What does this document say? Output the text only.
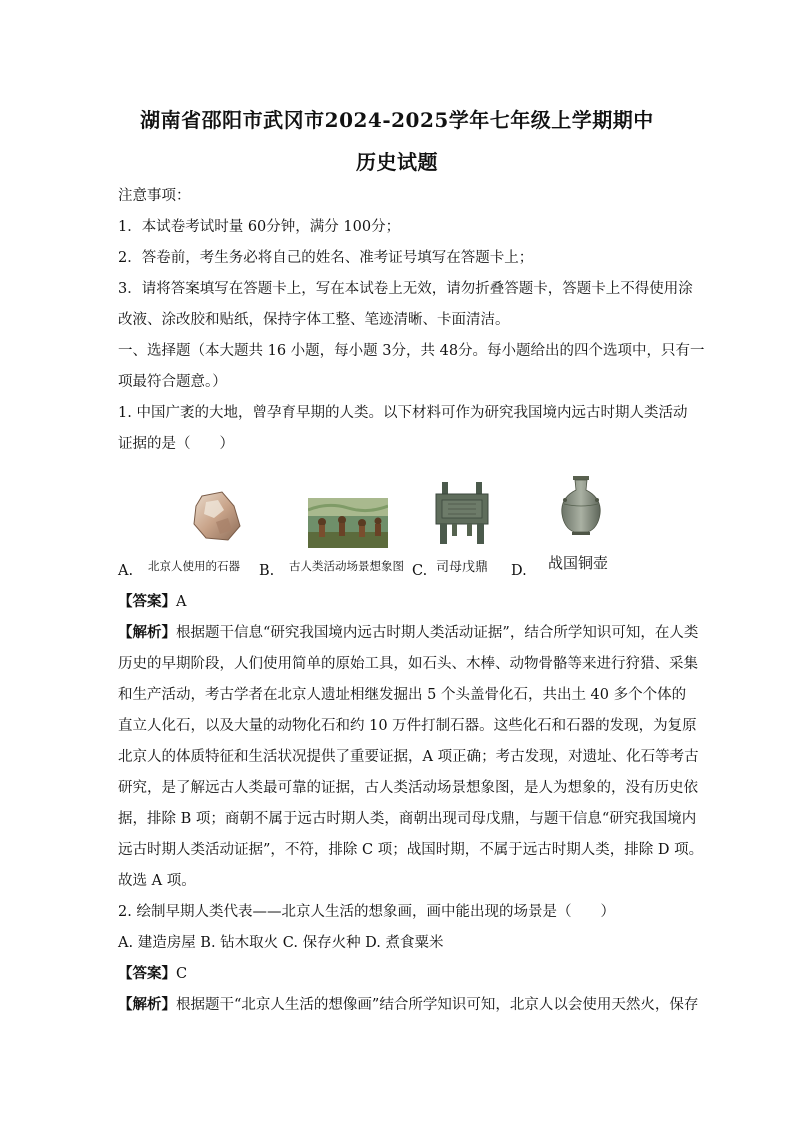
湖南省邵阳市武冈市2024-2025学年七年级上学期期中
历史试题
注意事项：
1．本试卷考试时量 60分钟，满分 100分；
2．答卷前，考生务必将自己的姓名、准考证号填写在答题卡上；
3．请将答案填写在答题卡上，写在本试卷上无效，请勿折叠答题卡，答题卡上不得使用涂
改液、涂改胶和贴纸，保持字体工整、笔迹清晰、卡面清洁。
一、选择题（本大题共 16 小题，每小题 3分，共 48分。每小题给出的四个选项中，只有一
项最符合题意。）
1. 中国广袤的大地，曾孕育早期的人类。以下材料可作为研究我国境内远古时期人类活动
证据的是（　　）
A. 北京人使用的石器 B. 古人类活动场景想象图 C. 司母戊鼎 D. 战国铜壶
【答案】A
【解析】根据题干信息“研究我国境内远古时期人类活动证据”，结合所学知识可知，在人类
历史的早期阶段，人们使用简单的原始工具，如石头、木棒、动物骨骼等来进行狩猎、采集
和生产活动，考古学者在北京人遗址相继发掘出 5 个头盖骨化石，共出土 40 多个个体的
直立人化石，以及大量的动物化石和约 10 万件打制石器。这些化石和石器的发现，为复原
北京人的体质特征和生活状况提供了重要证据，A 项正确；考古发现，对遗址、化石等考古
研究，是了解远古人类最可靠的证据，古人类活动场景想象图，是人为想象的，没有历史依
据，排除 B 项；商朝不属于远古时期人类，商朝出现司母戊鼎，与题干信息“研究我国境内
远古时期人类活动证据”，不符，排除 C 项；战国时期，不属于远古时期人类，排除 D 项。
故选 A 项。
2. 绘制早期人类代表——北京人生活的想象画，画中能出现的场景是（　　）
A. 建造房屋 B. 钻木取火 C. 保存火种 D. 煮食粟米
【答案】C
【解析】根据题干“北京人生活的想像画”结合所学知识可知，北京人以会使用天然火，保存
